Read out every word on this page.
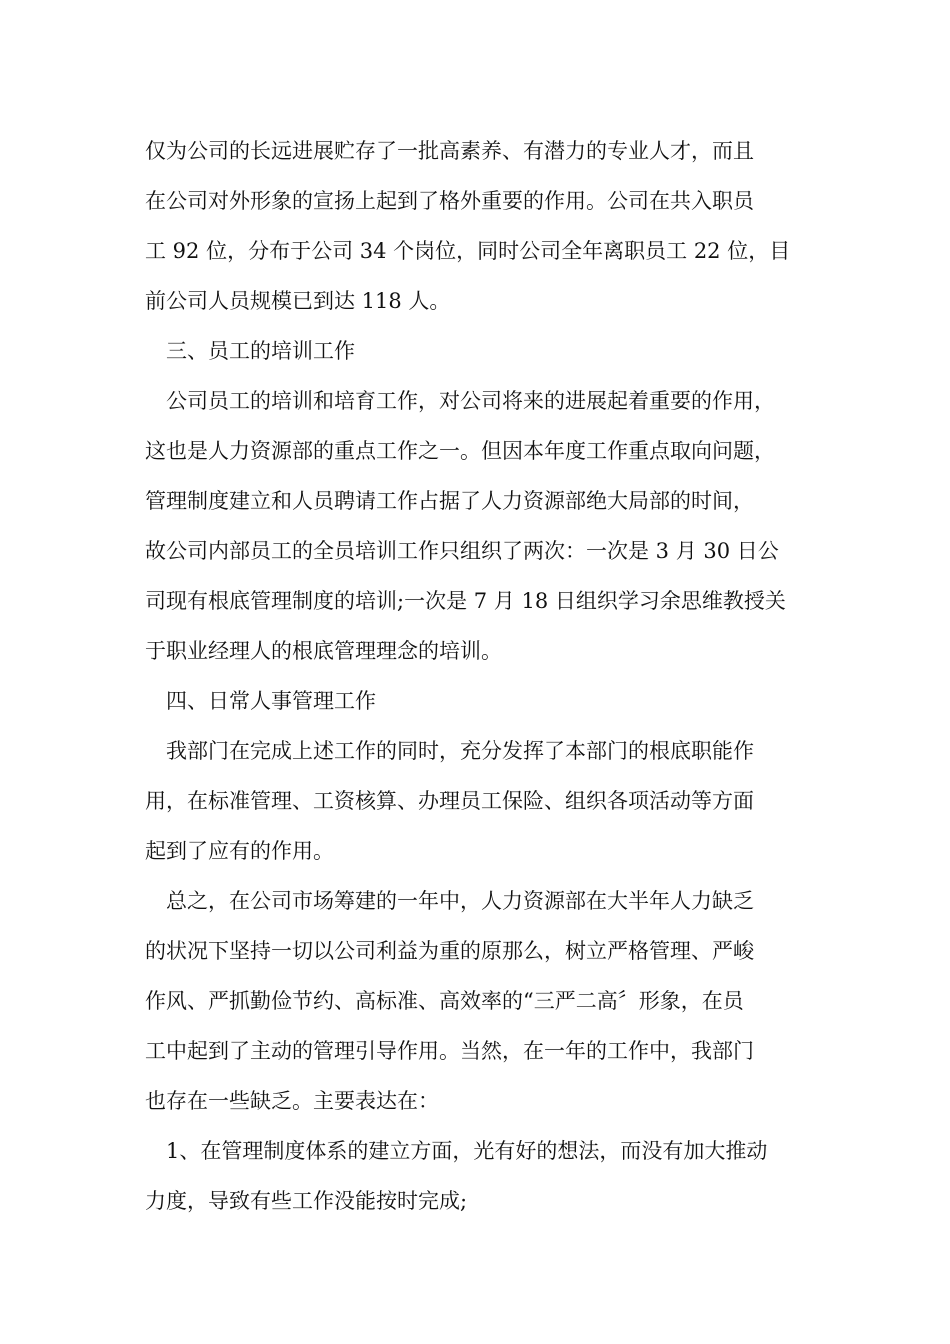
仅为公司的长远进展贮存了一批高素养、有潜力的专业人才，而且
在公司对外形象的宣扬上起到了格外重要的作用。公司在共入职员
工 92 位，分布于公司 34 个岗位，同时公司全年离职员工 22 位，目
前公司人员规模已到达 118 人。
三、员工的培训工作
公司员工的培训和培育工作，对公司将来的进展起着重要的作用，
这也是人力资源部的重点工作之一。但因本年度工作重点取向问题，
管理制度建立和人员聘请工作占据了人力资源部绝大局部的时间，
故公司内部员工的全员培训工作只组织了两次：一次是 3 月 30 日公
司现有根底管理制度的培训;一次是 7 月 18 日组织学习余思维教授关
于职业经理人的根底管理理念的培训。
四、日常人事管理工作
我部门在完成上述工作的同时，充分发挥了本部门的根底职能作
用，在标准管理、工资核算、办理员工保险、组织各项活动等方面
起到了应有的作用。
总之，在公司市场筹建的一年中，人力资源部在大半年人力缺乏
的状况下坚持一切以公司利益为重的原那么，树立严格管理、严峻
作风、严抓勤俭节约、高标准、高效率的“三严二高〞形象，在员
工中起到了主动的管理引导作用。当然，在一年的工作中，我部门
也存在一些缺乏。主要表达在：
1、在管理制度体系的建立方面，光有好的想法，而没有加大推动
力度，导致有些工作没能按时完成;
